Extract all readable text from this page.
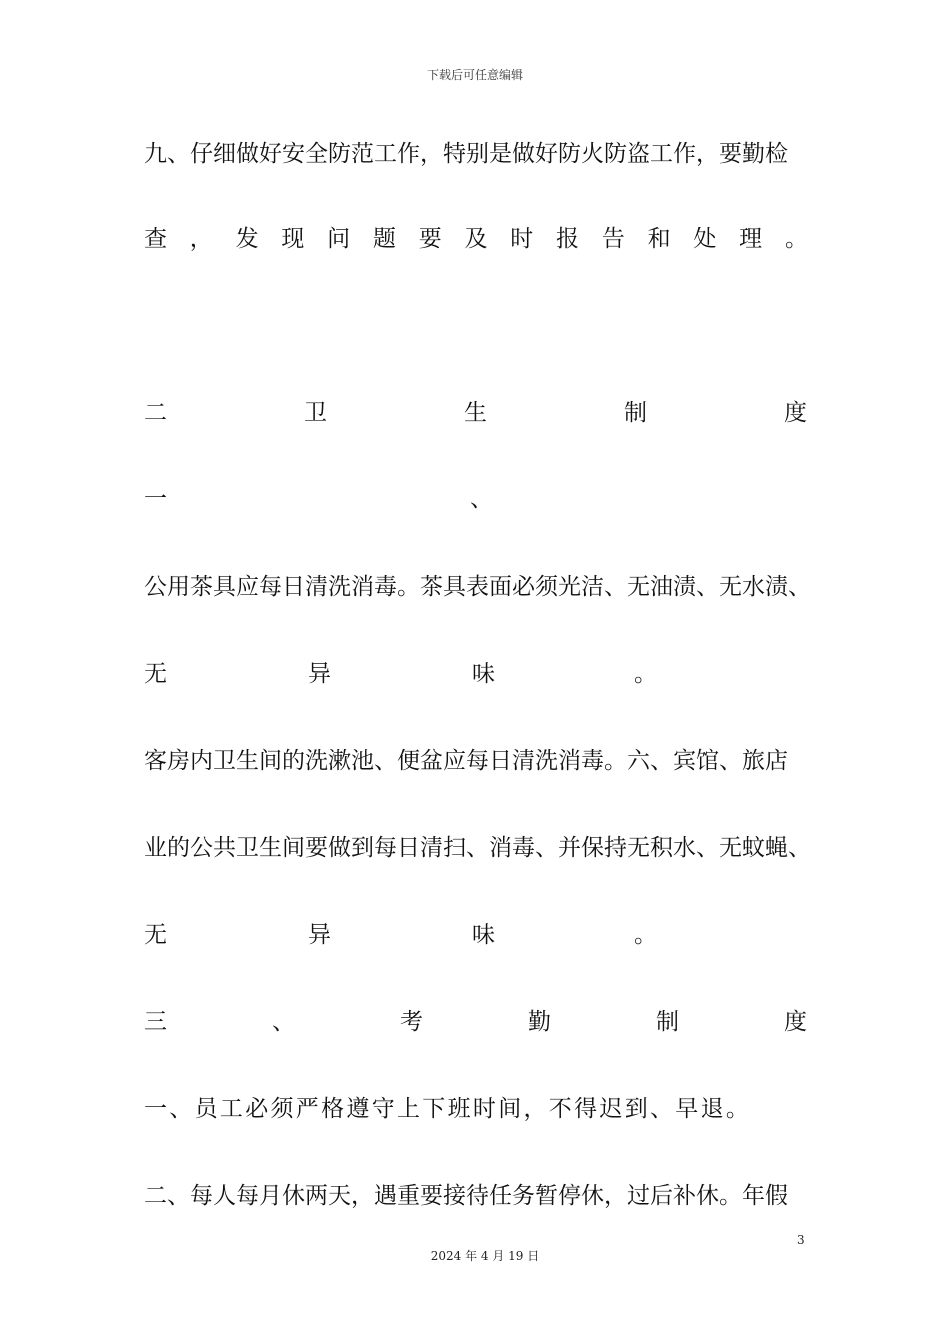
下载后可任意编辑
九、仔细做好安全防范工作，特别是做好防火防盗工作，要勤检
查 ， 发 现 问 题 要 及 时 报 告 和 处 理 。
二	卫	生	制	度
一	、
公用茶具应每日清洗消毒。茶具表面必须光洁、无油渍、无水渍、
无	异	味	。
客房内卫生间的洗漱池、便盆应每日清洗消毒。六、宾馆、旅店
业的公共卫生间要做到每日清扫、消毒、并保持无积水、无蚊蝇、
无	异	味	。
三	、	考	勤	制	度
一、员工必须严格遵守上下班时间，不得迟到、早退。
二、每人每月休两天，遇重要接待任务暂停休，过后补休。年假
3
2024 年 4 月 19 日
